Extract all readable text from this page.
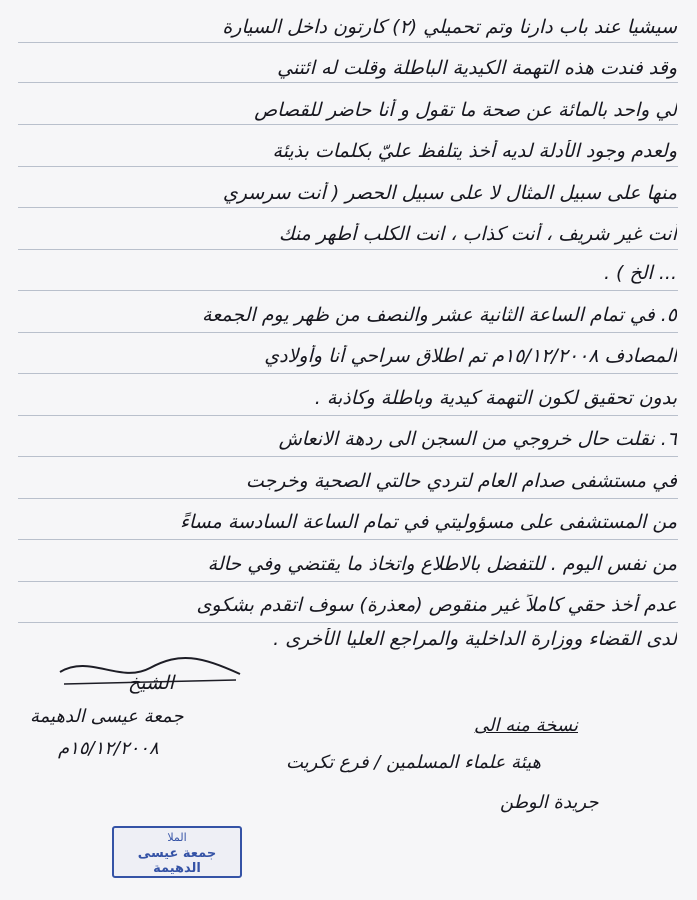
سيشيا عند باب دارنا وتم تحميلي (٢) كارتون داخل السيارة
وقد فندت هذه التهمة الكيدية الباطلة وقلت له ائتني
لي واحد بالمائة عن صحة ما تقول و أنا حاضر للقصاص
ولعدم وجود الأدلة لديه أخذ يتلفظ عليّ بكلمات بذيئة
منها على سبيل المثال لا على سبيل الحصر ( أنت سرسري
أنت غير شريف ، أنت كذاب ، انت الكلب أطهر منك
... الخ ) .
٥. في تمام الساعة الثانية عشر والنصف من ظهر يوم الجمعة
المصادف ١٥/١٢/٢٠٠٨م تم اطلاق سراحي أنا وأولادي
بدون تحقيق لكون التهمة كيدية وباطلة وكاذبة .
٦. نقلت حال خروجي من السجن الى ردهة الانعاش
في مستشفى صدام العام لتردي حالتي الصحية وخرجت
من المستشفى على مسؤوليتي في تمام الساعة السادسة مساءً
من نفس اليوم . للتفضل بالاطلاع واتخاذ ما يقتضي وفي حالة
عدم أخذ حقي كاملاً غير منقوص (معذرة) سوف اتقدم بشكوى
لدى القضاء ووزارة الداخلية والمراجع العليا الأخرى .
الشيخ
جمعة عيسى الدهيمة
١٥/١٢/٢٠٠٨م
نسخة منه الى
هيئة علماء المسلمين / فرع تكريت
جريدة الوطن
الملا
جمعة عيسى الدهيمة
